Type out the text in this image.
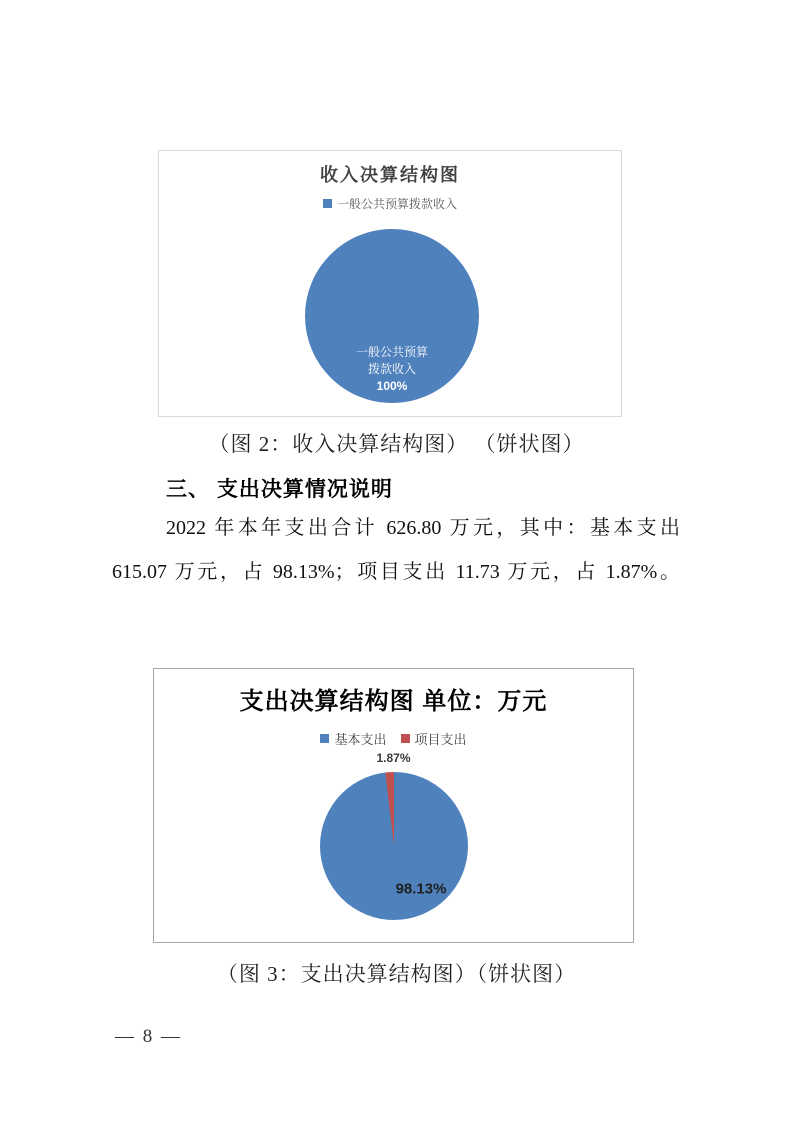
收入决算结构图
一般公共预算拨款收入
一般公共预算
拨款收入
100%
（图 2：收入决算结构图） （饼状图）
三、 支出决算情况说明
2022 年本年支出合计 626.80 万元，其中：基本支出
615.07 万元，占 98.13%；项目支出 11.73 万元，占 1.87%。
支出决算结构图 单位：万元
基本支出 项目支出
1.87%
98.13%
（图 3：支出决算结构图）（饼状图）
— 8 —
